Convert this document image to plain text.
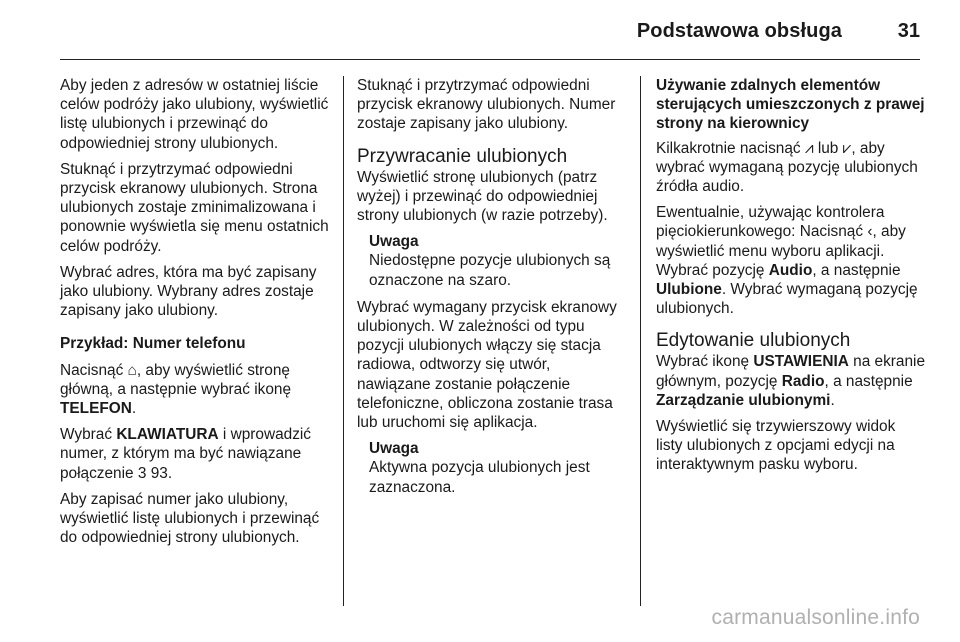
Podstawowa obsługa	31

Aby jeden z adresów w ostatniej liście celów podróży jako ulubiony, wyświetlić listę ulubionych i przewinąć do odpowiedniej strony ulubionych.

Stuknąć i przytrzymać odpowiedni przycisk ekranowy ulubionych. Strona ulubionych zostaje zminimalizowana i ponownie wyświetla się menu ostatnich celów podróży.

Wybrać adres, która ma być zapisany jako ulubiony. Wybrany adres zostaje zapisany jako ulubiony.

Przykład: Numer telefonu

Nacisnąć ⌂, aby wyświetlić stronę główną, a następnie wybrać ikonę TELEFON.

Wybrać KLAWIATURA i wprowadzić numer, z którym ma być nawiązane połączenie 3 93.

Aby zapisać numer jako ulubiony, wyświetlić listę ulubionych i przewinąć do odpowiedniej strony ulubionych.

Stuknąć i przytrzymać odpowiedni przycisk ekranowy ulubionych. Numer zostaje zapisany jako ulubiony.

Przywracanie ulubionych

Wyświetlić stronę ulubionych (patrz wyżej) i przewinąć do odpowiedniej strony ulubionych (w razie potrzeby).

Uwaga

Niedostępne pozycje ulubionych są oznaczone na szaro.

Wybrać wymagany przycisk ekranowy ulubionych. W zależności od typu pozycji ulubionych włączy się stacja radiowa, odtworzy się utwór, nawiązane zostanie połączenie telefoniczne, obliczona zostanie trasa lub uruchomi się aplikacja.

Uwaga

Aktywna pozycja ulubionych jest zaznaczona.

Używanie zdalnych elementów sterujących umieszczonych z prawej strony na kierownicy

Kilkakrotnie nacisnąć ⩘ lub ⩗, aby wybrać wymaganą pozycję ulubionych źródła audio.

Ewentualnie, używając kontrolera pięciokierunkowego: Nacisnąć ‹, aby wyświetlić menu wyboru aplikacji. Wybrać pozycję Audio, a następnie Ulubione. Wybrać wymaganą pozycję ulubionych.

Edytowanie ulubionych

Wybrać ikonę USTAWIENIA na ekranie głównym, pozycję Radio, a następnie Zarządzanie ulubionymi.

Wyświetlić się trzywierszowy widok listy ulubionych z opcjami edycji na interaktywnym pasku wyboru.

carmanualsonline.info
